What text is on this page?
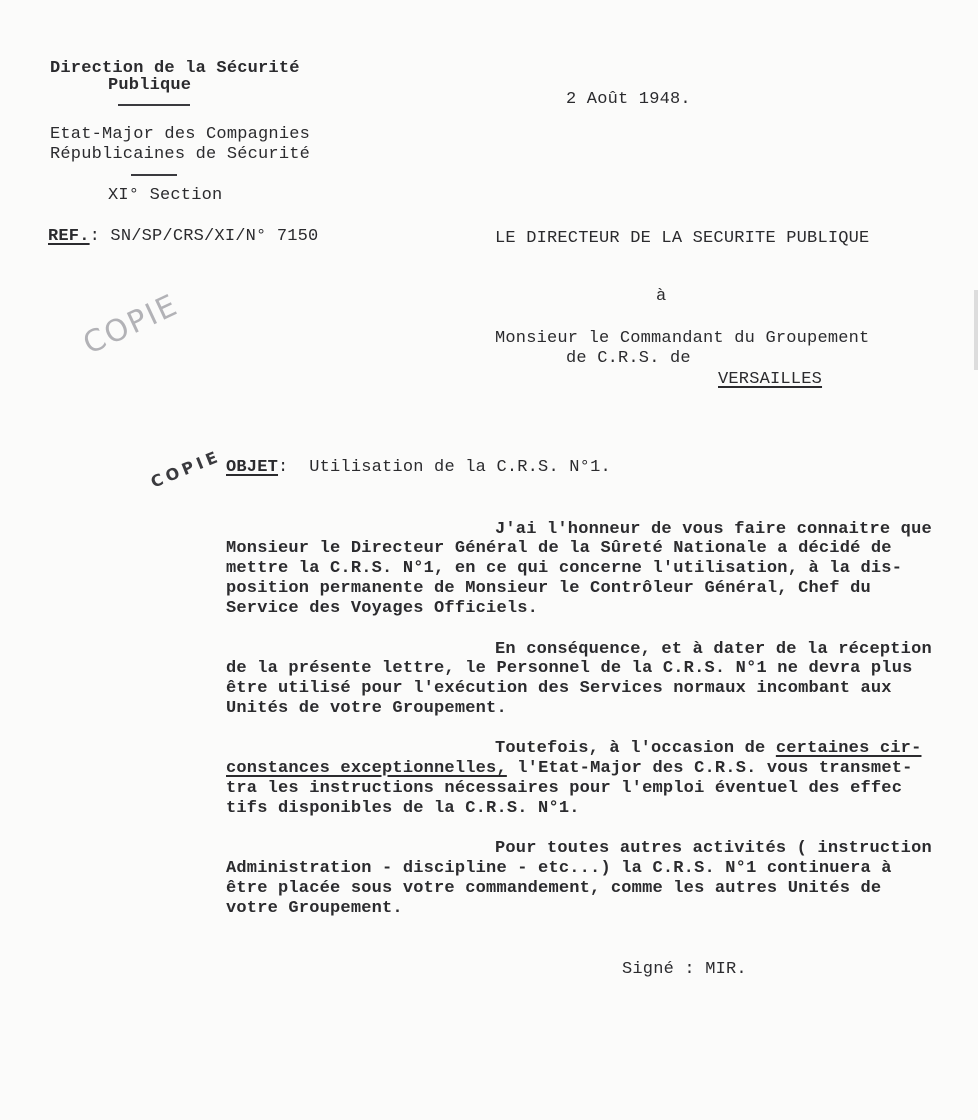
Direction de la Sécurité
Publique
Etat-Major des Compagnies
Républicaines de Sécurité
XI° Section
REF.: SN/SP/CRS/XI/N° 7150
2 Août 1948.
LE DIRECTEUR DE LA SECURITE PUBLIQUE
à
Monsieur le Commandant du Groupement
de C.R.S. de
VERSAILLES
COPIE
COPIE OBJET:  Utilisation de la C.R.S. N°1.
J'ai l'honneur de vous faire connaitre que
Monsieur le Directeur Général de la Sûreté Nationale a décidé de
mettre la C.R.S. N°1, en ce qui concerne l'utilisation, à la dis-
position permanente de Monsieur le Contrôleur Général, Chef du
Service des Voyages Officiels.
En conséquence, et à dater de la réception
de la présente lettre, le Personnel de la C.R.S. N°1 ne devra plus
être utilisé pour l'exécution des Services normaux incombant aux
Unités de votre Groupement.
Toutefois, à l'occasion de certaines cir-
constances exceptionnelles, l'Etat-Major des C.R.S. vous transmet-
tra les instructions nécessaires pour l'emploi éventuel des effec
tifs disponibles de la C.R.S. N°1.
Pour toutes autres activités ( instruction
Administration - discipline - etc...) la C.R.S. N°1 continuera à
être placée sous votre commandement, comme les autres Unités de
votre Groupement.
Signé : MIR.
